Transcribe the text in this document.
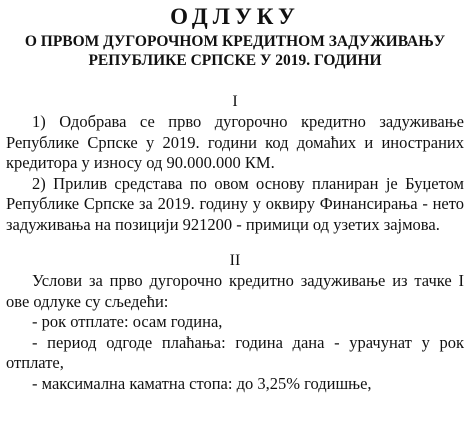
ОДЛУКУ
О ПРВОМ ДУГОРОЧНОМ КРЕДИТНОМ ЗАДУЖИВАЊУ
РЕПУБЛИКЕ СРПСКЕ У 2019. ГОДИНИ
I

1) Одобрава се прво дугорочно кредитно задуживање Републике Српске у 2019. години код домаћих и иностраних кредитора у износу од 90.000.000 КМ.

2) Прилив средстава по овом основу планиран је Буџетом Републике Српске за 2019. годину у оквиру Финансирања - нето задуживања на позицији 921200 - примици од узетих зајмова.

II

Услови за прво дугорочно кредитно задуживање из тачке I ове одлуке су сљедећи:

- рок отплате: осам година,

- период одгоде плаћања: година дана - урачунат у рок отплате,

- максимална каматна стопа: до 3,25% годишње,
